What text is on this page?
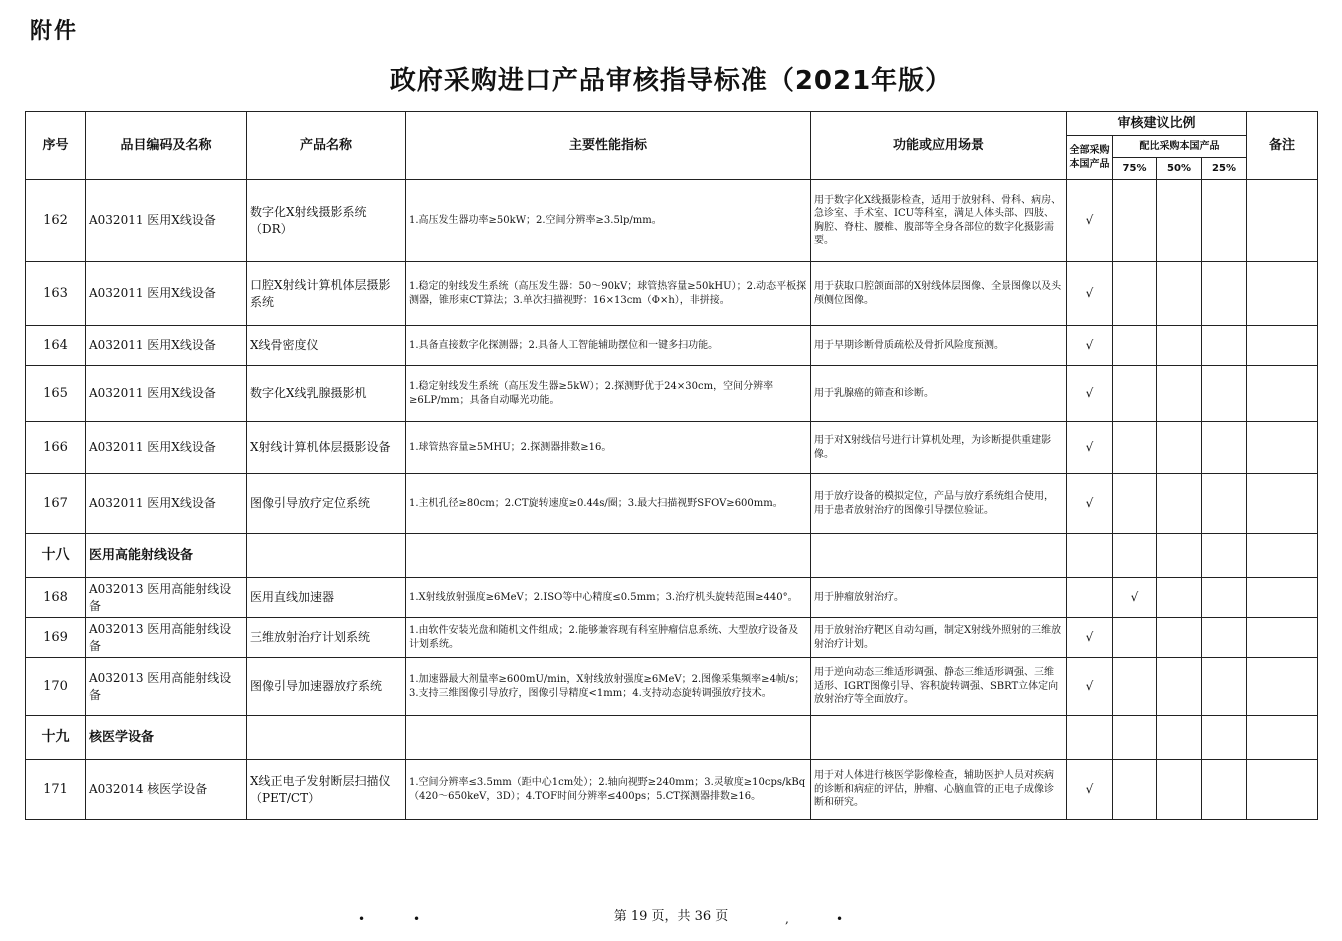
附件
政府采购进口产品审核指导标准（2021年版）
序号	品目编码及名称	产品名称	主要性能指标	功能或应用场景	审核建议比例				备注
					全部采购本国产品	配比采购本国产品			
						75%	50%	25%	
162	A032011 医用X线设备	数字化X射线摄影系统（DR）	1.高压发生器功率≥50kW；2.空间分辨率≥3.5lp/mm。	用于数字化X线摄影检查，适用于放射科、骨科、病房、急诊室、手术室、ICU等科室，满足人体头部、四肢、胸腔、脊柱、腰椎、腹部等全身各部位的数字化摄影需要。	√				
163	A032011 医用X线设备	口腔X射线计算机体层摄影系统	1.稳定的射线发生系统（高压发生器：50～90kV；球管热容量≥50kHU）；2.动态平板探测器，锥形束CT算法；3.单次扫描视野：16×13cm（Φ×h），非拼接。	用于获取口腔颌面部的X射线体层图像、全景图像以及头颅侧位图像。	√				
164	A032011 医用X线设备	X线骨密度仪	1.具备直接数字化探测器；2.具备人工智能辅助摆位和一键多扫功能。	用于早期诊断骨质疏松及骨折风险度预测。	√				
165	A032011 医用X线设备	数字化X线乳腺摄影机	1.稳定射线发生系统（高压发生器≥5kW）；2.探测野优于24×30cm，空间分辨率≥6LP/mm；具备自动曝光功能。	用于乳腺癌的筛查和诊断。	√				
166	A032011 医用X线设备	X射线计算机体层摄影设备	1.球管热容量≥5MHU；2.探测器排数≥16。	用于对X射线信号进行计算机处理，为诊断提供重建影像。	√				
167	A032011 医用X线设备	图像引导放疗定位系统	1.主机孔径≥80cm；2.CT旋转速度≥0.44s/圈；3.最大扫描视野SFOV≥600mm。	用于放疗设备的模拟定位，产品与放疗系统组合使用，用于患者放射治疗的图像引导摆位验证。	√				
十八	医用高能射线设备								
168	A032013 医用高能射线设备	医用直线加速器	1.X射线放射强度≥6MeV；2.ISO等中心精度≤0.5mm；3.治疗机头旋转范围≥440°。	用于肿瘤放射治疗。		√			
169	A032013 医用高能射线设备	三维放射治疗计划系统	1.由软件安装光盘和随机文件组成；2.能够兼容现有科室肿瘤信息系统、大型放疗设备及计划系统。	用于放射治疗靶区自动勾画，制定X射线外照射的三维放射治疗计划。	√				
170	A032013 医用高能射线设备	图像引导加速器放疗系统	1.加速器最大剂量率≥600mU/min，X射线放射强度≥6MeV；2.图像采集频率≥4帧/s；3.支持三维图像引导放疗，图像引导精度<1mm；4.支持动态旋转调强放疗技术。	用于逆向动态三维适形调强、静态三维适形调强、三维适形、IGRT图像引导、容积旋转调强、SBRT立体定向放射治疗等全面放疗。	√				
十九	核医学设备								
171	A032014 核医学设备	X线正电子发射断层扫描仪（PET/CT）	1.空间分辨率≤3.5mm（距中心1cm处）；2.轴向视野≥240mm；3.灵敏度≥10cps/kBq（420～650keV，3D）；4.TOF时间分辨率≤400ps；5.CT探测器排数≥16。	用于对人体进行核医学影像检查，辅助医护人员对疾病的诊断和病症的评估，肿瘤、心脑血管的正电子成像诊断和研究。	√				
•	•	第 19 页，共 36 页	,	•
